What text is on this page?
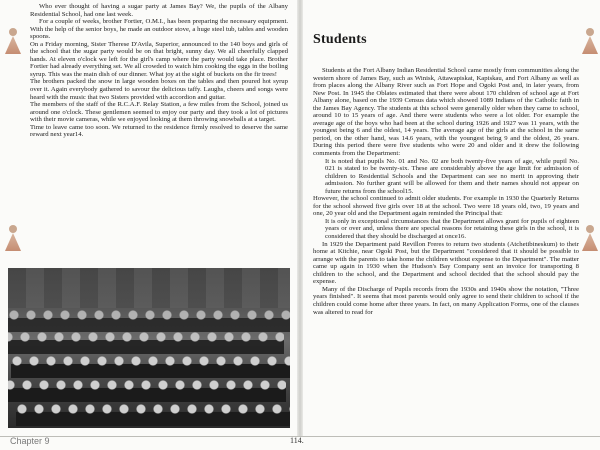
Who ever thought of having a sugar party at James Bay? We, the pupils of the Albany Residential School, had one last week.

For a couple of weeks, brother Fortier, O.M.I., has been preparing the necessary equipment. With the help of the senior boys, he made an outdoor stove, a huge steel tub, tables and wooden spoons.

On a Friday morning, Sister Therese D'Avila, Superior, announced to the 140 boys and girls of the school that the sugar party would be on that bright, sunny day. We all cheerfully clapped hands. At eleven o'clock we left for the girl's camp where the party would take place. Brother Fortier had already everything set. We all crowded to watch him cooking the eggs in the boiling syrup. This was the main dish of our dinner. What joy at the sight of buckets on the fir trees!

The brothers packed the snow in large wooden boxes on the tables and then poured hot syrup over it. Again everybody gathered to savour the delicious taffy. Laughs, cheers and songs were heard with the music that two Sisters provided with accordion and guitar.

The members of the staff of the R.C.A.F. Relay Station, a few miles from the School, joined us around one o'clock. These gentlemen seemed to enjoy our party and they took a lot of pictures with their movie cameras, while we enjoyed looking at them throwing snowballs at a target.

Time to leave came too soon. We returned to the residence firmly resolved to deserve the same reward next year14.

Students

Students at the Fort Albany Indian Residential School came mostly from communities along the western shore of James Bay, such as Winisk, Attawapiskat, Kapiskau, and Fort Albany as well as from places along the Albany River such as Fort Hope and Ogoki Post and, in later years, from New Post. In 1945 the Oblates estimated that there were about 170 children of school age at Fort Albany alone, based on the 1939 Census data which showed 1089 Indians of the Catholic faith in the James Bay Agency. The students at this school were generally older when they came to school, around 10 to 15 years of age. And there were students who were a lot older. For example the average age of the boys who had been at the school during 1926 and 1927 was 11 years, with the youngest being 6 and the oldest, 14 years. The average age of the girls at the school in the same period, on the other hand, was 14.6 years, with the youngest being 9 and the oldest, 26 years. During this period there were five students who were 20 and older and it drew the following comments from the Department:

It is noted that pupils No. 01 and No. 02 are both twenty-five years of age, while pupil No. 021 is stated to be twenty-six. These are considerably above the age limit for admission of children to Residential Schools and the Department can see no merit in approving their admission. No further grant will be allowed for them and their names should not appear on future returns from the school15.

However, the school continued to admit older students. For example in 1930 the Quarterly Returns for the school showed five girls over 18 at the school. Two were 18 years old, two, 19 years and one, 20 year old and the Department again reminded the Principal that:

It is only in exceptional circumstances that the Department allows grant for pupils of eighteen years or over and, unless there are special reasons for retaining these girls in the school, it is considered that they should be discharged at once16.

In 1929 the Department paid Revillon Freres to return two students (Atchetibineskum) to their home at Kitchie, near Ogoki Post, but the Department "considered that it should be possible to arrange with the parents to take home the children without expense to the Department". The matter came up again in 1930 when the Hudson's Bay Company sent an invoice for transporting 8 children to the school, and the Department and school decided that the school should pay the expense.

Many of the Discharge of Pupils records from the 1930s and 1940s show the notation, "Three years finished". It seems that most parents would only agree to send their children to school if the children could come home after three years. In fact, on many Application Forms, one of the clauses was altered to read for

Chapter 9	114.
